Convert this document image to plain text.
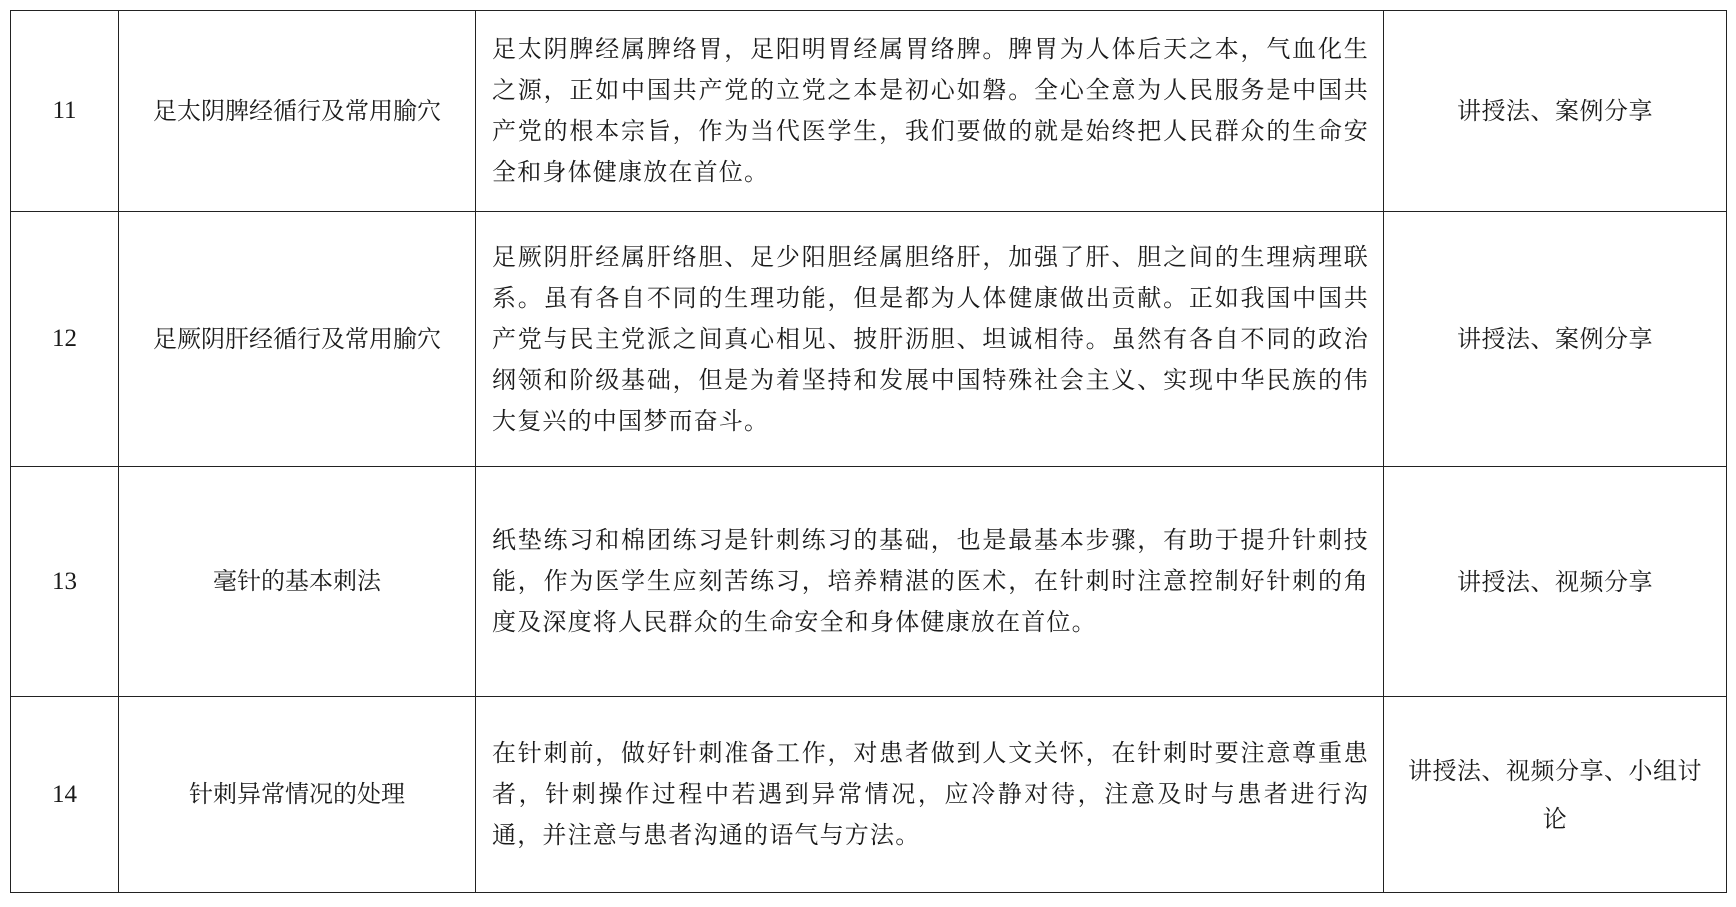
11	足太阴脾经循行及常用腧穴	足太阴脾经属脾络胃，足阳明胃经属胃络脾。脾胃为人体后天之本，气血化生之源，正如中国共产党的立党之本是初心如磐。全心全意为人民服务是中国共产党的根本宗旨，作为当代医学生，我们要做的就是始终把人民群众的生命安全和身体健康放在首位。	讲授法、案例分享
12	足厥阴肝经循行及常用腧穴	足厥阴肝经属肝络胆、足少阳胆经属胆络肝，加强了肝、胆之间的生理病理联系。虽有各自不同的生理功能，但是都为人体健康做出贡献。正如我国中国共产党与民主党派之间真心相见、披肝沥胆、坦诚相待。虽然有各自不同的政治纲领和阶级基础，但是为着坚持和发展中国特殊社会主义、实现中华民族的伟大复兴的中国梦而奋斗。	讲授法、案例分享
13	毫针的基本刺法	纸垫练习和棉团练习是针刺练习的基础，也是最基本步骤，有助于提升针刺技能，作为医学生应刻苦练习，培养精湛的医术，在针刺时注意控制好针刺的角度及深度将人民群众的生命安全和身体健康放在首位。	讲授法、视频分享
14	针刺异常情况的处理	在针刺前，做好针刺准备工作，对患者做到人文关怀，在针刺时要注意尊重患者，针刺操作过程中若遇到异常情况，应冷静对待，注意及时与患者进行沟通，并注意与患者沟通的语气与方法。	讲授法、视频分享、小组讨论
